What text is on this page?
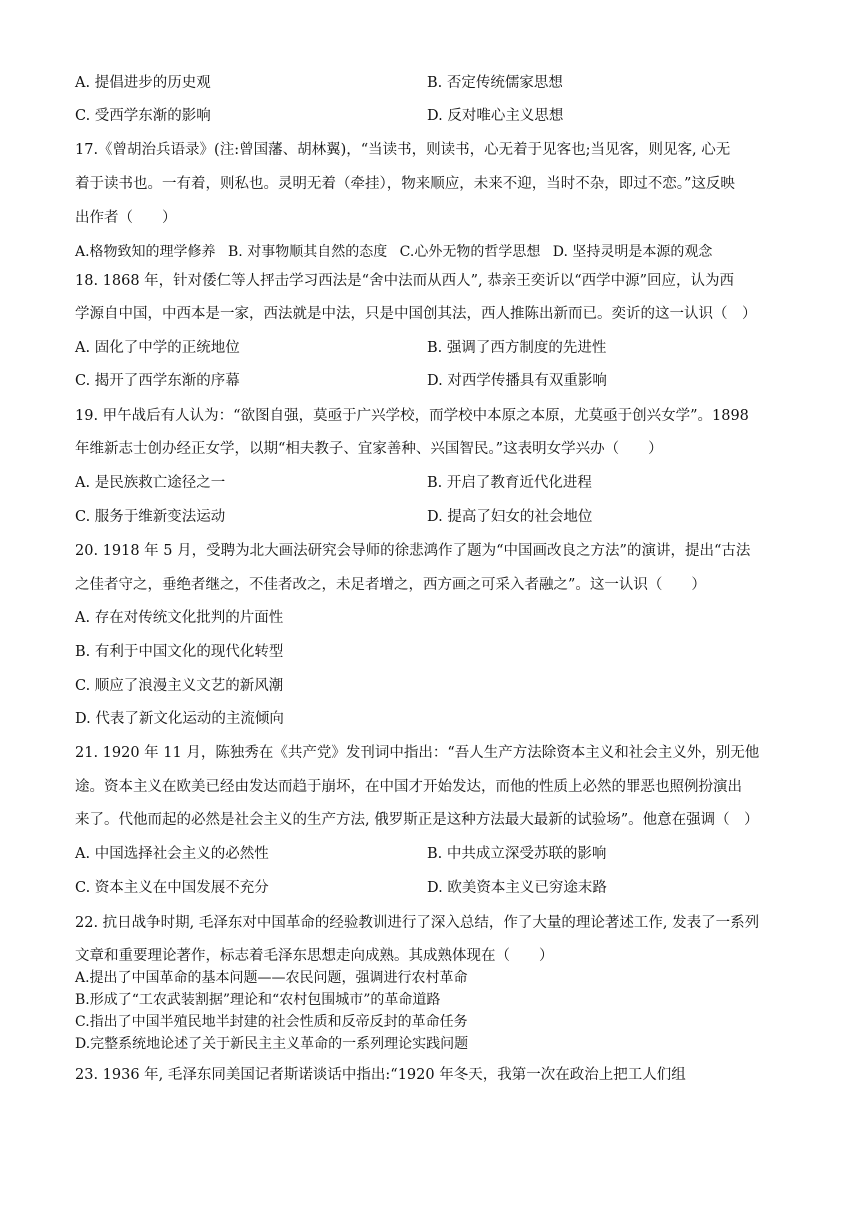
A. 提倡进步的历史观	B. 否定传统儒家思想
C. 受西学东渐的影响	D. 反对唯心主义思想
17.《曾胡治兵语录》(注:曾国藩、胡林翼)，“当读书，则读书，心无着于见客也;当见客，则见客, 心无
着于读书也。一有着，则私也。灵明无着（牵挂），物来顺应，未来不迎，当时不杂，即过不恋。”这反映
出作者（　　）
A.格物致知的理学修养 B. 对事物顺其自然的态度 C.心外无物的哲学思想 D. 坚持灵明是本源的观念
18. 1868 年，针对倭仁等人抨击学习西法是“舍中法而从西人”, 恭亲王奕䜣以“西学中源”回应，认为西
学源自中国，中西本是一家，西法就是中法，只是中国创其法，西人推陈出新而已。奕䜣的这一认识（　）
A. 固化了中学的正统地位	B. 强调了西方制度的先进性
C. 揭开了西学东渐的序幕	D. 对西学传播具有双重影响
19. 甲午战后有人认为：“欲图自强，莫亟于广兴学校，而学校中本原之本原，尤莫亟于创兴女学”。1898
年维新志士创办经正女学，以期“相夫教子、宜家善种、兴国智民。”这表明女学兴办（　　）
A. 是民族救亡途径之一	B. 开启了教育近代化进程
C. 服务于维新变法运动	D. 提高了妇女的社会地位
20. 1918 年 5 月，受聘为北大画法研究会导师的徐悲鸿作了题为“中国画改良之方法”的演讲，提出“古法
之佳者守之，垂绝者继之，不佳者改之，未足者增之，西方画之可采入者融之”。这一认识（　　）
A. 存在对传统文化批判的片面性
B. 有利于中国文化的现代化转型
C. 顺应了浪漫主义文艺的新风潮
D. 代表了新文化运动的主流倾向
21. 1920 年 11 月，陈独秀在《共产党》发刊词中指出：“吾人生产方法除资本主义和社会主义外，别无他
途。资本主义在欧美已经由发达而趋于崩坏，在中国才开始发达，而他的性质上必然的罪恶也照例扮演出
来了。代他而起的必然是社会主义的生产方法, 俄罗斯正是这种方法最大最新的试验场”。他意在强调（　）
A. 中国选择社会主义的必然性	B. 中共成立深受苏联的影响
C. 资本主义在中国发展不充分	D. 欧美资本主义已穷途末路
22. 抗日战争时期, 毛泽东对中国革命的经验教训进行了深入总结，作了大量的理论著述工作, 发表了一系列
文章和重要理论著作，标志着毛泽东思想走向成熟。其成熟体现在（　　）
A.提出了中国革命的基本问题——农民问题，强调进行农村革命
B.形成了“工农武装割据”理论和“农村包围城市”的革命道路
C.指出了中国半殖民地半封建的社会性质和反帝反封的革命任务
D.完整系统地论述了关于新民主主义革命的一系列理论实践问题
23. 1936 年, 毛泽东同美国记者斯诺谈话中指出:“1920 年冬天，我第一次在政治上把工人们组
